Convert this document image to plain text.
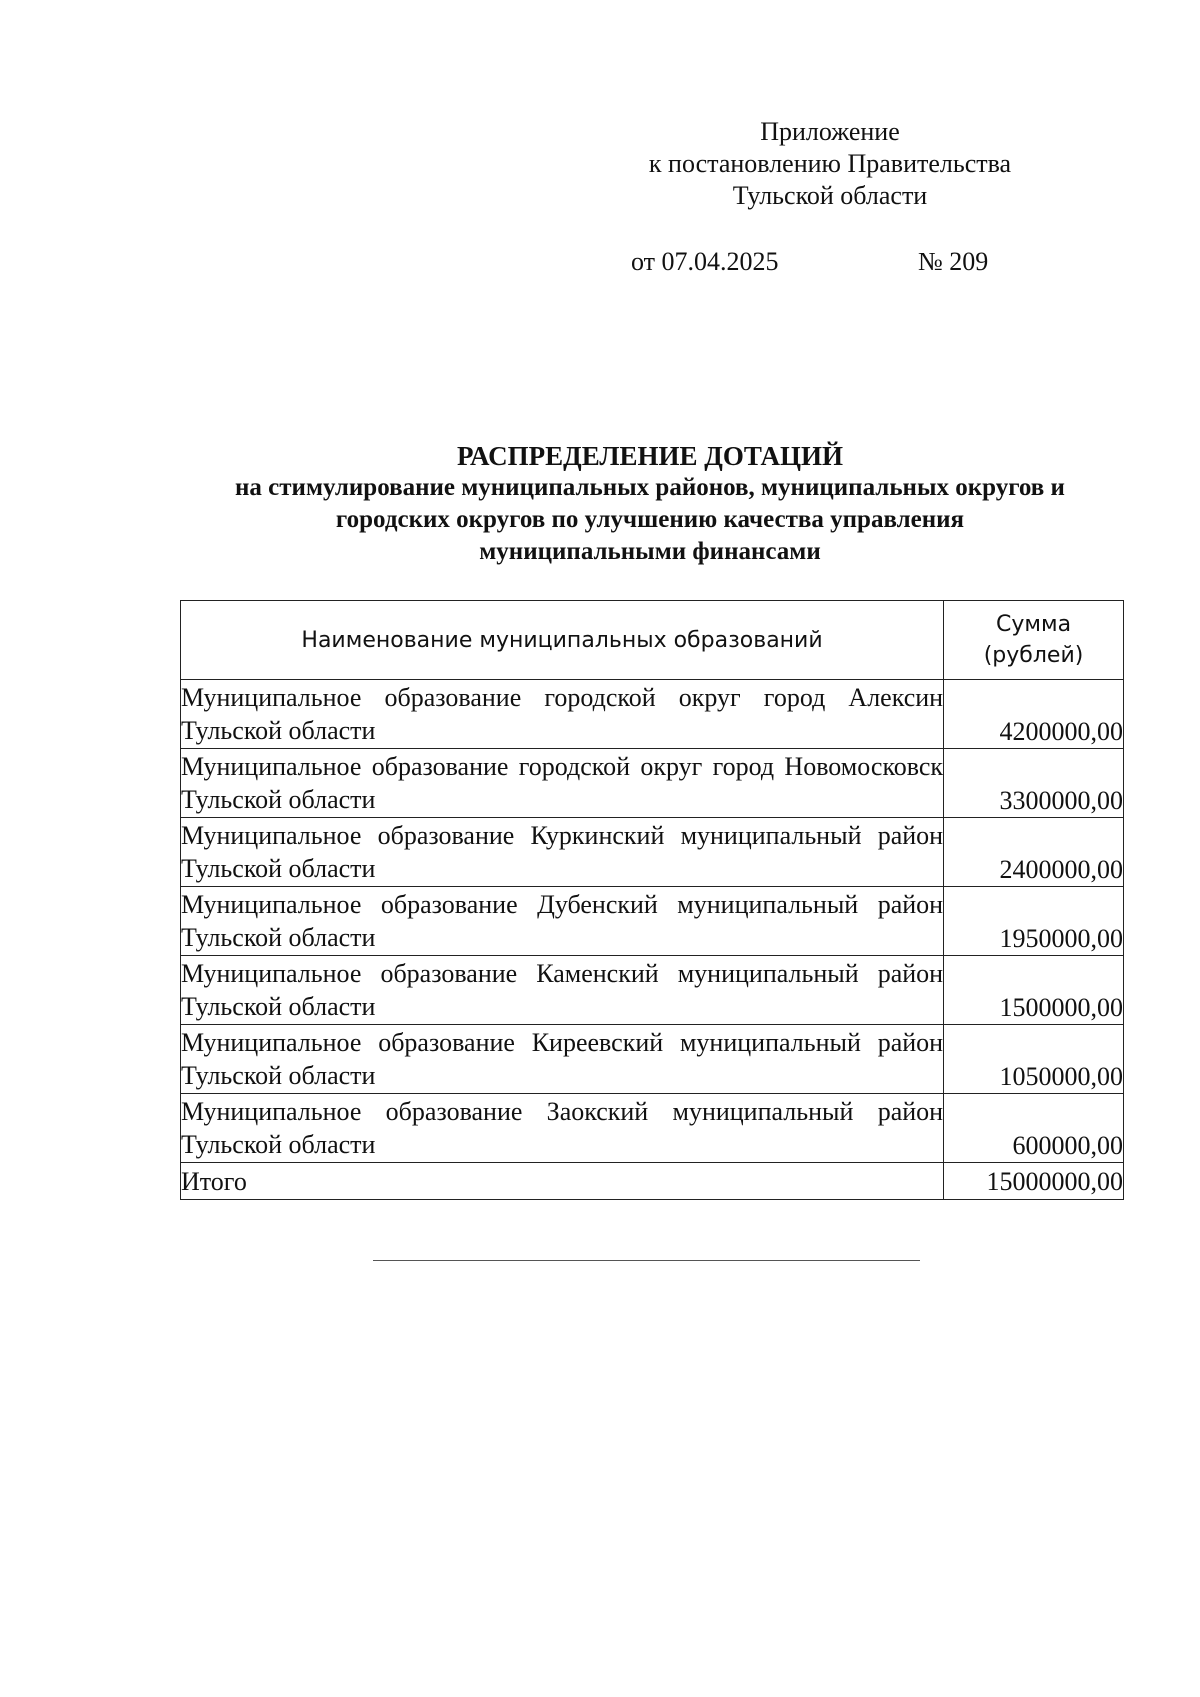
Приложение
к постановлению Правительства
Тульской области
от 07.04.2025	№ 209
РАСПРЕДЕЛЕНИЕ ДОТАЦИЙ
на стимулирование муниципальных районов, муниципальных округов и
городских округов по улучшению качества управления
муниципальными финансами
Наименование муниципальных образований	Сумма
(рублей)

Муниципальное образование городской округ город Алексин Тульской области	4200000,00
Муниципальное образование городской округ город Новомосковск Тульской области	3300000,00
Муниципальное образование Куркинский муниципальный район Тульской области	2400000,00
Муниципальное образование Дубенский муниципальный район Тульской области	1950000,00
Муниципальное образование Каменский муниципальный район Тульской области	1500000,00
Муниципальное образование Киреевский муниципальный район Тульской области	1050000,00
Муниципальное образование Заокский муниципальный район Тульской области	600000,00
Итого	15000000,00
